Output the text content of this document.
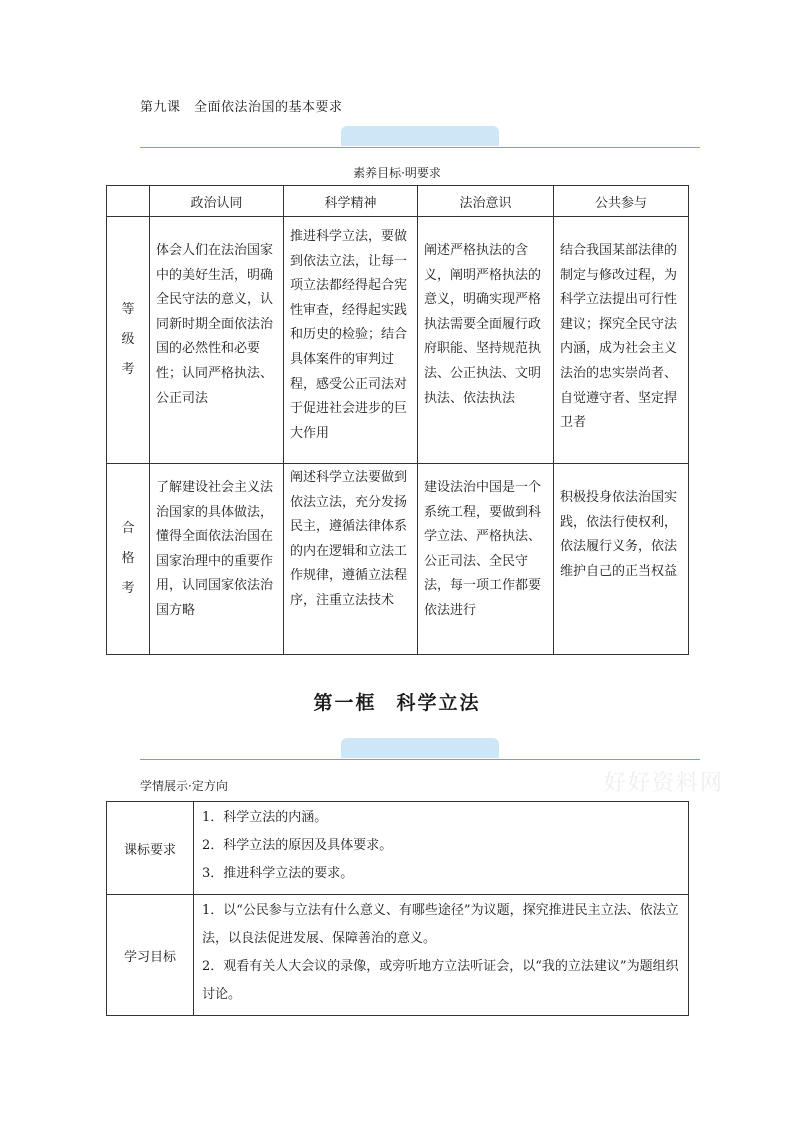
第九课　全面依法治国的基本要求
素养目标·明要求
	政治认同	科学精神	法治意识	公共参与

等
级
考	体会人们在法治国家中的美好生活，明确全民守法的意义，认同新时期全面依法治国的必然性和必要性；认同严格执法、公正司法	推进科学立法，要做到依法立法，让每一项立法都经得起合宪性审查，经得起实践和历史的检验；结合具体案件的审判过程，感受公正司法对于促进社会进步的巨大作用	阐述严格执法的含义，阐明严格执法的意义，明确实现严格执法需要全面履行政府职能、坚持规范执法、公正执法、文明执法、依法执法	结合我国某部法律的制定与修改过程，为科学立法提出可行性建议；探究全民守法内涵，成为社会主义法治的忠实崇尚者、自觉遵守者、坚定捍卫者

合
格
考	了解建设社会主义法治国家的具体做法，懂得全面依法治国在国家治理中的重要作用，认同国家依法治国方略	阐述科学立法要做到依法立法，充分发扬民主，遵循法律体系的内在逻辑和立法工作规律，遵循立法程序，注重立法技术	建设法治中国是一个系统工程，要做到科学立法、严格执法、公正司法、全民守法，每一项工作都要依法进行	积极投身依法治国实践，依法行使权利，依法履行义务，依法维护自己的正当权益
第一框 科学立法
学情展示·定方向	好好资料网
课标要求	1．科学立法的内涵。
2．科学立法的原因及具体要求。
3．推进科学立法的要求。

学习目标	1．以“公民参与立法有什么意义、有哪些途径”为议题，探究推进民主立法、依法立法，以良法促进发展、保障善治的意义。
2．观看有关人大会议的录像，或旁听地方立法听证会，以“我的立法建议”为题组织讨论。
